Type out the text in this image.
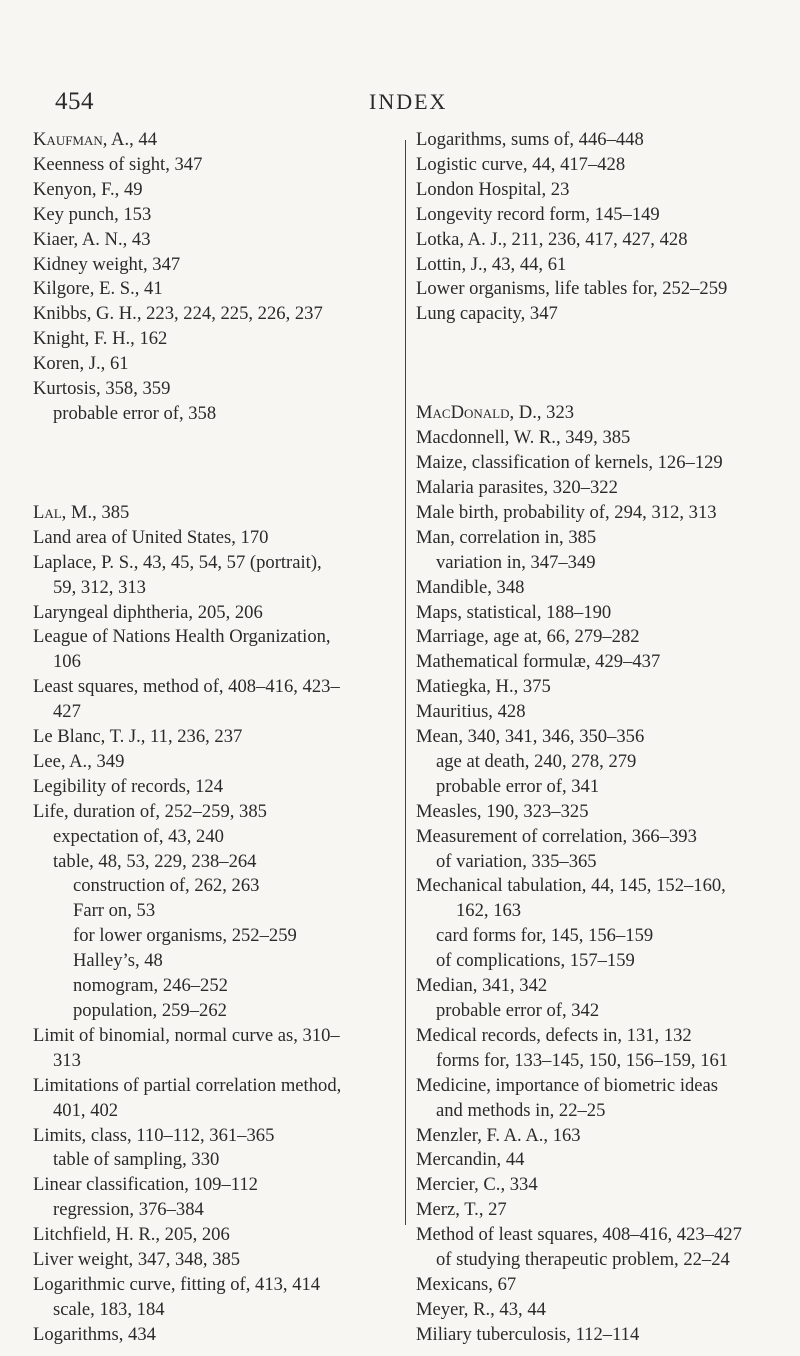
454	INDEX
Kaufman, A., 44
Keenness of sight, 347
Kenyon, F., 49
Key punch, 153
Kiaer, A. N., 43
Kidney weight, 347
Kilgore, E. S., 41
Knibbs, G. H., 223, 224, 225, 226, 237
Knight, F. H., 162
Koren, J., 61
Kurtosis, 358, 359
probable error of, 358
Lal, M., 385
Land area of United States, 170
Laplace, P. S., 43, 45, 54, 57 (portrait),
59, 312, 313
Laryngeal diphtheria, 205, 206
League of Nations Health Organization,
106
Least squares, method of, 408–416, 423–
427
Le Blanc, T. J., 11, 236, 237
Lee, A., 349
Legibility of records, 124
Life, duration of, 252–259, 385
expectation of, 43, 240
table, 48, 53, 229, 238–264
construction of, 262, 263
Farr on, 53
for lower organisms, 252–259
Halley’s, 48
nomogram, 246–252
population, 259–262
Limit of binomial, normal curve as, 310–
313
Limitations of partial correlation method,
401, 402
Limits, class, 110–112, 361–365
table of sampling, 330
Linear classification, 109–112
regression, 376–384
Litchfield, H. R., 205, 206
Liver weight, 347, 348, 385
Logarithmic curve, fitting of, 413, 414
scale, 183, 184
Logarithms, 434
Logarithms, sums of, 446–448
Logistic curve, 44, 417–428
London Hospital, 23
Longevity record form, 145–149
Lotka, A. J., 211, 236, 417, 427, 428
Lottin, J., 43, 44, 61
Lower organisms, life tables for, 252–259
Lung capacity, 347
MacDonald, D., 323
Macdonnell, W. R., 349, 385
Maize, classification of kernels, 126–129
Malaria parasites, 320–322
Male birth, probability of, 294, 312, 313
Man, correlation in, 385
variation in, 347–349
Mandible, 348
Maps, statistical, 188–190
Marriage, age at, 66, 279–282
Mathematical formulæ, 429–437
Matiegka, H., 375
Mauritius, 428
Mean, 340, 341, 346, 350–356
age at death, 240, 278, 279
probable error of, 341
Measles, 190, 323–325
Measurement of correlation, 366–393
of variation, 335–365
Mechanical tabulation, 44, 145, 152–160,
162, 163
card forms for, 145, 156–159
of complications, 157–159
Median, 341, 342
probable error of, 342
Medical records, defects in, 131, 132
forms for, 133–145, 150, 156–159, 161
Medicine, importance of biometric ideas
and methods in, 22–25
Menzler, F. A. A., 163
Mercandin, 44
Mercier, C., 334
Merz, T., 27
Method of least squares, 408–416, 423–427
of studying therapeutic problem, 22–24
Mexicans, 67
Meyer, R., 43, 44
Miliary tuberculosis, 112–114
